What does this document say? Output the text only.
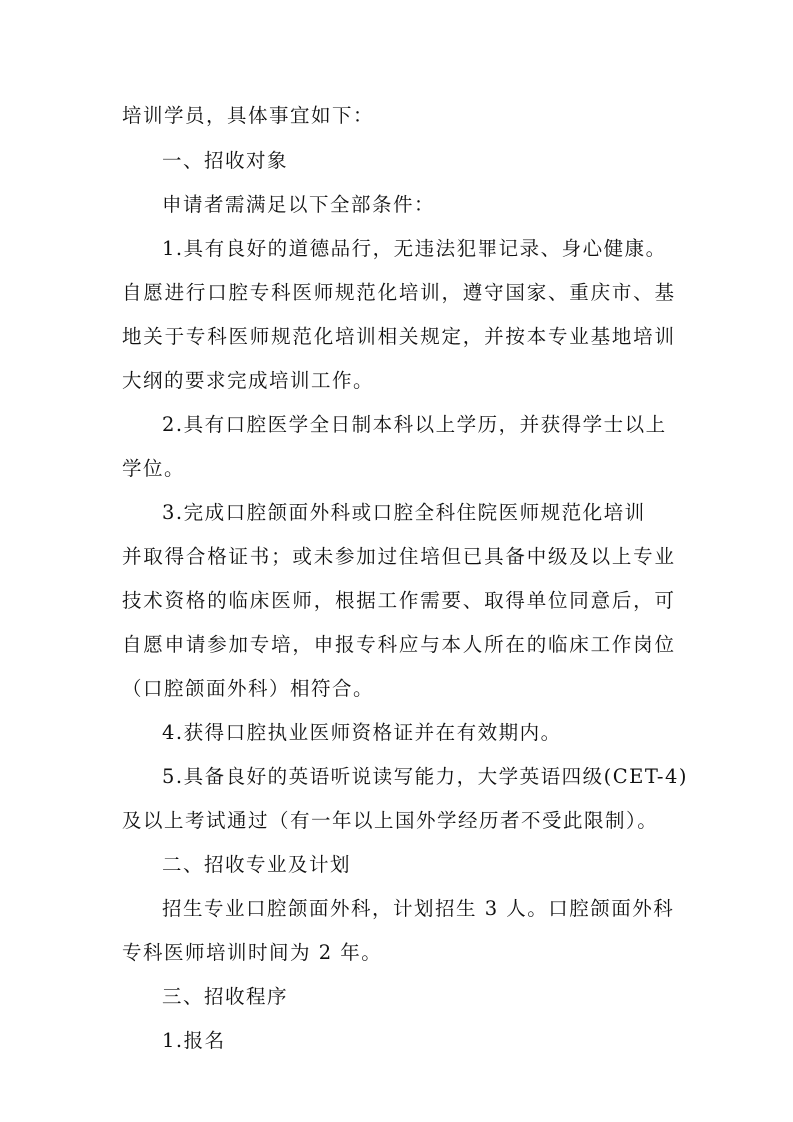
培训学员，具体事宜如下：
一、招收对象
申请者需满足以下全部条件：
1.具有良好的道德品行，无违法犯罪记录、身心健康。
自愿进行口腔专科医师规范化培训，遵守国家、重庆市、基
地关于专科医师规范化培训相关规定，并按本专业基地培训
大纲的要求完成培训工作。
2.具有口腔医学全日制本科以上学历，并获得学士以上
学位。
3.完成口腔颌面外科或口腔全科住院医师规范化培训
并取得合格证书；或未参加过住培但已具备中级及以上专业
技术资格的临床医师，根据工作需要、取得单位同意后，可
自愿申请参加专培，申报专科应与本人所在的临床工作岗位
（口腔颌面外科）相符合。
4.获得口腔执业医师资格证并在有效期内。
5.具备良好的英语听说读写能力，大学英语四级(CET-4)
及以上考试通过（有一年以上国外学经历者不受此限制）。
二、招收专业及计划
招生专业口腔颌面外科，计划招生 3 人。口腔颌面外科
专科医师培训时间为 2 年。
三、招收程序
1.报名
